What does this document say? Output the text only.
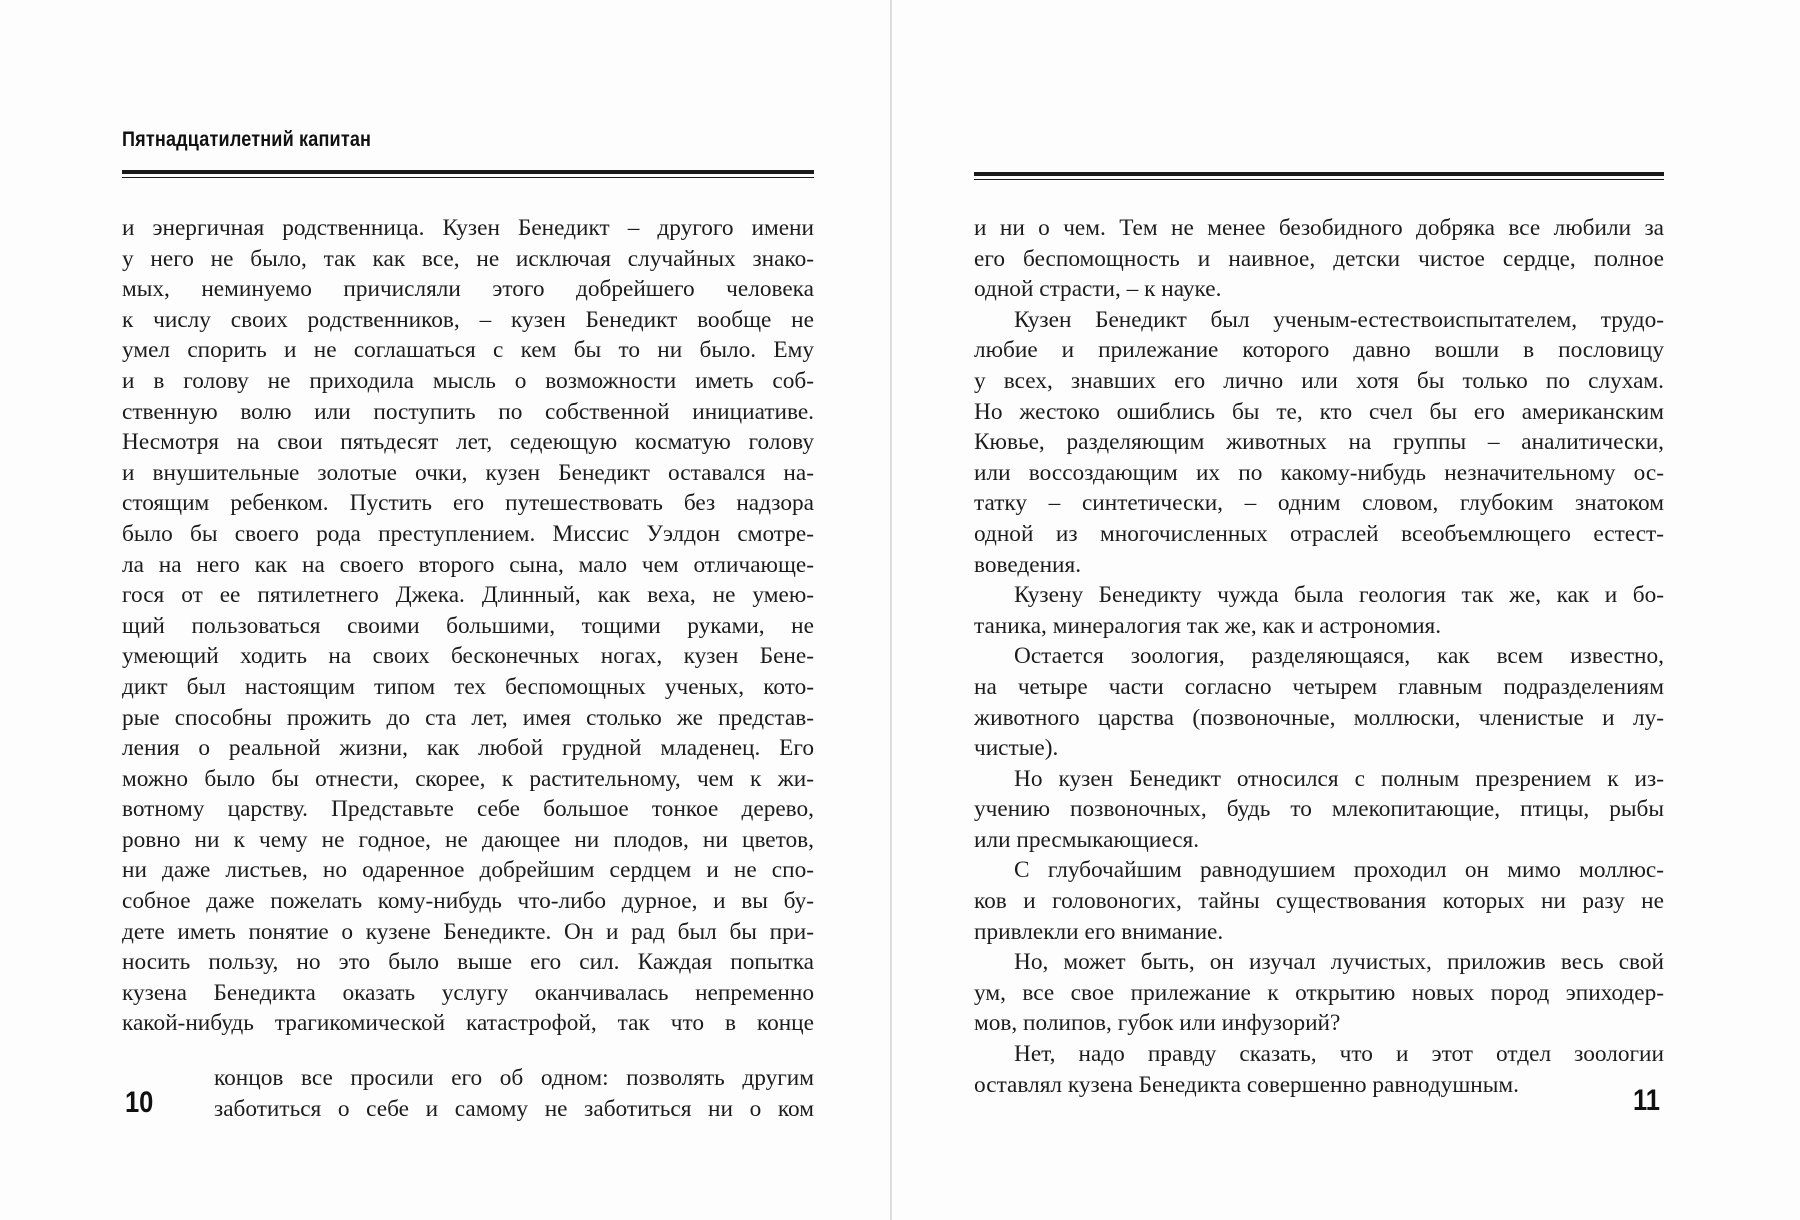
Пятнадцатилетний капитан
и энергичная родственница. Кузен Бенедикт – другого имени
у него не было, так как все, не исключая случайных знако-
мых, неминуемо причисляли этого добрейшего человека
к числу своих родственников, – кузен Бенедикт вообще не
умел спорить и не соглашаться с кем бы то ни было. Ему
и в голову не приходила мысль о возможности иметь соб-
ственную волю или поступить по собственной инициативе.
Несмотря на свои пятьдесят лет, седеющую косматую голову
и внушительные золотые очки, кузен Бенедикт оставался на-
стоящим ребенком. Пустить его путешествовать без надзора
было бы своего рода преступлением. Миссис Уэлдон смотре-
ла на него как на своего второго сына, мало чем отличающе-
гося от ее пятилетнего Джека. Длинный, как веха, не умею-
щий пользоваться своими большими, тощими руками, не
умеющий ходить на своих бесконечных ногах, кузен Бене-
дикт был настоящим типом тех беспомощных ученых, кото-
рые способны прожить до ста лет, имея столько же представ-
ления о реальной жизни, как любой грудной младенец. Его
можно было бы отнести, скорее, к растительному, чем к жи-
вотному царству. Представьте себе большое тонкое дерево,
ровно ни к чему не годное, не дающее ни плодов, ни цветов,
ни даже листьев, но одаренное добрейшим сердцем и не спо-
собное даже пожелать кому-нибудь что-либо дурное, и вы бу-
дете иметь понятие о кузене Бенедикте. Он и рад был бы при-
носить пользу, но это было выше его сил. Каждая попытка
кузена Бенедикта оказать услугу оканчивалась непременно
какой-нибудь трагикомической катастрофой, так что в конце
концов все просили его об одном: позволять другим
заботиться о себе и самому не заботиться ни о ком
10

и ни о чем. Тем не менее безобидного добряка все любили за
его беспомощность и наивное, детски чистое сердце, полное
одной страсти, – к науке.

Кузен Бенедикт был ученым-естествоиспытателем, трудо-
любие и прилежание которого давно вошли в пословицу
у всех, знавших его лично или хотя бы только по слухам.
Но жестоко ошиблись бы те, кто счел бы его американским
Кювье, разделяющим животных на группы – аналитически,
или воссоздающим их по какому-нибудь незначительному ос-
татку – синтетически, – одним словом, глубоким знатоком
одной из многочисленных отраслей всеобъемлющего естест-
воведения.

Кузену Бенедикту чужда была геология так же, как и бо-
таника, минералогия так же, как и астрономия.

Остается зоология, разделяющаяся, как всем известно,
на четыре части согласно четырем главным подразделениям
животного царства (позвоночные, моллюски, членистые и лу-
чистые).

Но кузен Бенедикт относился с полным презрением к из-
учению позвоночных, будь то млекопитающие, птицы, рыбы
или пресмыкающиеся.

С глубочайшим равнодушием проходил он мимо моллюс-
ков и головоногих, тайны существования которых ни разу не
привлекли его внимание.

Но, может быть, он изучал лучистых, приложив весь свой
ум, все свое прилежание к открытию новых пород эпиходер-
мов, полипов, губок или инфузорий?

Нет, надо правду сказать, что и этот отдел зоологии
оставлял кузена Бенедикта совершенно равнодушным.	11
